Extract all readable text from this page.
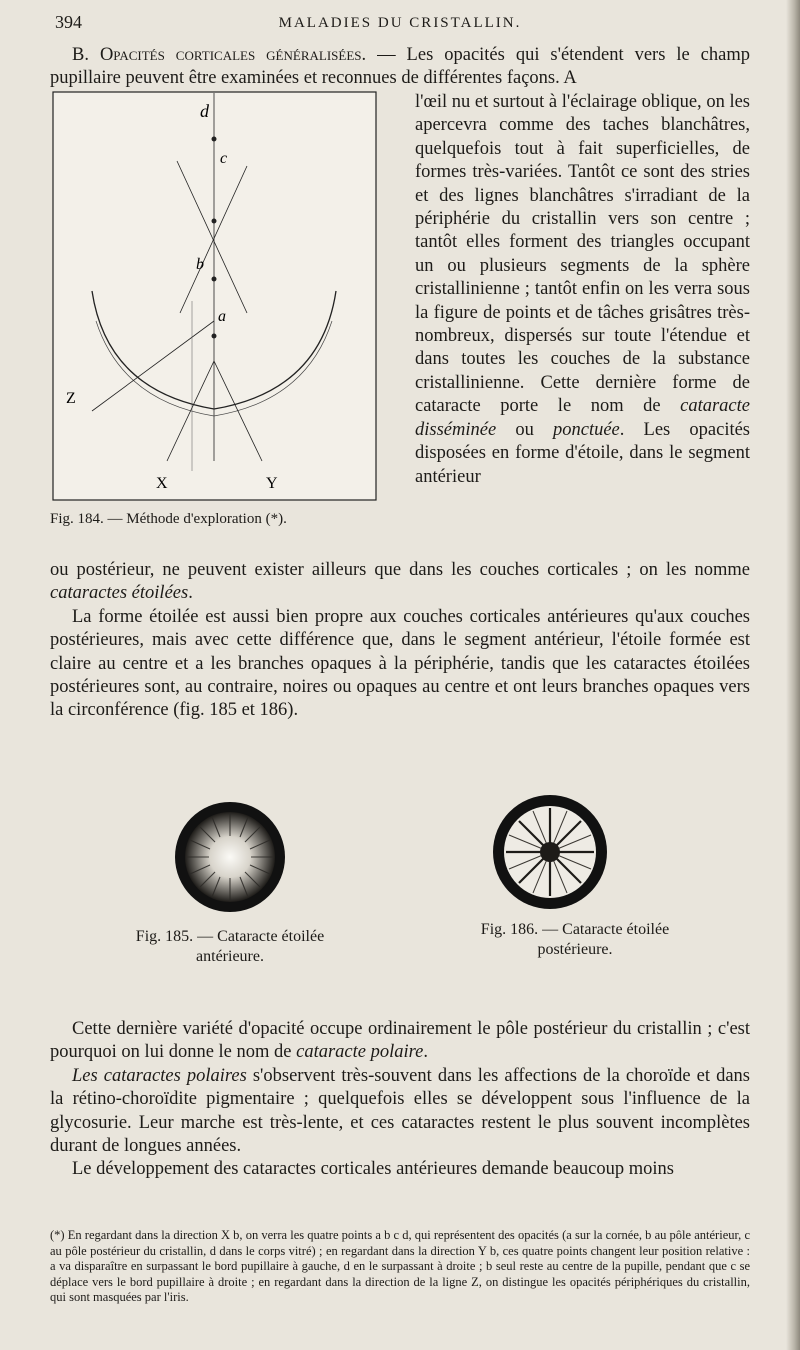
394	MALADIES DU CRISTALLIN.
B. Opacités corticales généralisées. — Les opacités qui s'étendent vers le champ pupillaire peuvent être examinées et reconnues de différentes façons. A
d
c
b
a
Z
X	Y
Fig. 184. — Méthode d'exploration (*).
l'œil nu et surtout à l'éclairage oblique, on les apercevra comme des taches blanchâtres, quelquefois tout à fait superficielles, de formes très-variées. Tantôt ce sont des stries et des lignes blanchâtres s'irradiant de la périphérie du cristallin vers son centre ; tantôt elles forment des triangles occupant un ou plusieurs segments de la sphère cristallinienne ; tantôt enfin on les verra sous la figure de points et de tâches grisâtres très-nombreux, dispersés sur toute l'étendue et dans toutes les couches de la substance cristallinienne. Cette dernière forme de cataracte porte le nom de cataracte disséminée ou ponctuée. Les opacités disposées en forme d'étoile, dans le segment antérieur
ou postérieur, ne peuvent exister ailleurs que dans les couches corticales ; on les nomme cataractes étoilées.
La forme étoilée est aussi bien propre aux couches corticales antérieures qu'aux couches postérieures, mais avec cette différence que, dans le segment antérieur, l'étoile formée est claire au centre et a les branches opaques à la périphérie, tandis que les cataractes étoilées postérieures sont, au contraire, noires ou opaques au centre et ont leurs branches opaques vers la circonférence (fig. 185 et 186).
Fig. 185. — Cataracte étoilée
antérieure.
Fig. 186. — Cataracte étoilée
postérieure.
Cette dernière variété d'opacité occupe ordinairement le pôle postérieur du cristallin ; c'est pourquoi on lui donne le nom de cataracte polaire.
Les cataractes polaires s'observent très-souvent dans les affections de la choroïde et dans la rétino-choroïdite pigmentaire ; quelquefois elles se développent sous l'influence de la glycosurie. Leur marche est très-lente, et ces cataractes restent le plus souvent incomplètes durant de longues années.
Le développement des cataractes corticales antérieures demande beaucoup moins
(*) En regardant dans la direction X b, on verra les quatre points a b c d, qui représentent des opacités (a sur la cornée, b au pôle antérieur, c au pôle postérieur du cristallin, d dans le corps vitré) ; en regardant dans la direction Y b, ces quatre points changent leur position relative : a va disparaître en surpassant le bord pupillaire à gauche, d en le surpassant à droite ; b seul reste au centre de la pupille, pendant que c se déplace vers le bord pupillaire à droite ; en regardant dans la direction de la ligne Z, on distingue les opacités périphériques du cristallin, qui sont masquées par l'iris.
